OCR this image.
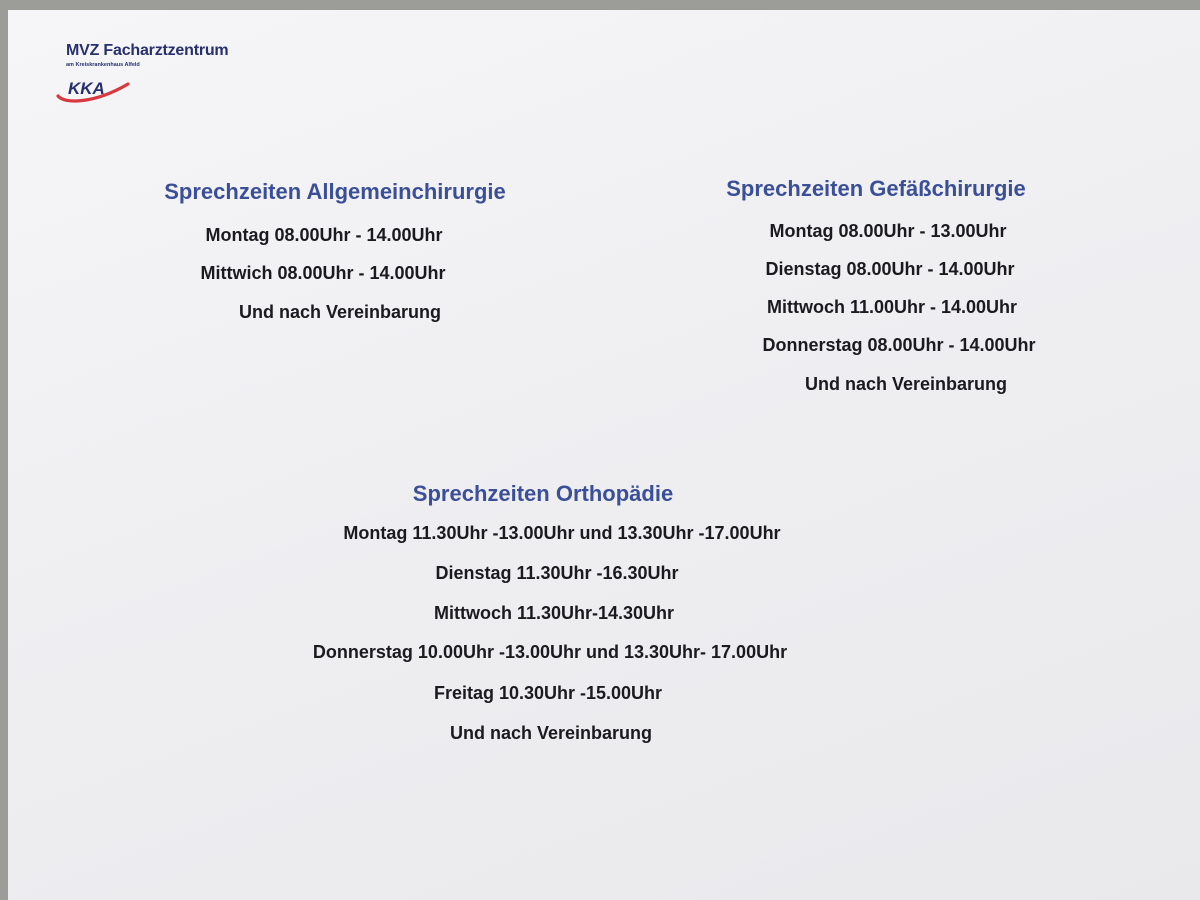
MVZ Facharztzentrum
am Kreiskrankenhaus Alfeld
KKA
Sprechzeiten Allgemeinchirurgie
Montag 08.00Uhr - 14.00Uhr
Mittwich 08.00Uhr - 14.00Uhr
Und nach Vereinbarung
Sprechzeiten Gefäßchirurgie
Montag 08.00Uhr - 13.00Uhr
Dienstag 08.00Uhr - 14.00Uhr
Mittwoch 11.00Uhr - 14.00Uhr
Donnerstag 08.00Uhr - 14.00Uhr
Und nach Vereinbarung
Sprechzeiten Orthopädie
Montag 11.30Uhr -13.00Uhr und 13.30Uhr -17.00Uhr
Dienstag 11.30Uhr -16.30Uhr
Mittwoch 11.30Uhr-14.30Uhr
Donnerstag 10.00Uhr -13.00Uhr und 13.30Uhr- 17.00Uhr
Freitag 10.30Uhr -15.00Uhr
Und nach Vereinbarung
